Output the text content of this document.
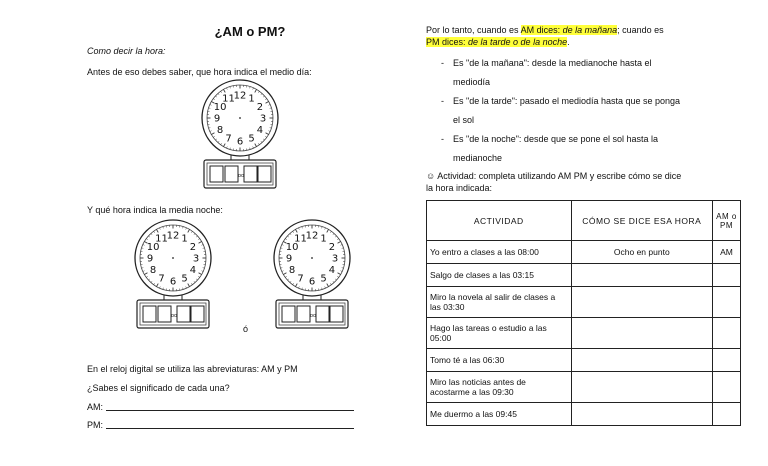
¿AM o PM?
Como decir la hora:
Antes de eso debes saber, que hora indica el medio día:
12 1
2
3
4
5
6
7
8
9
10
11
oo
Y qué hora indica la media noche:
12 1
2
3
4
5
6
7
8
9
10
11
oo
12 1
2
3
4
5
6
7
8
9
10
11
oo
ó
En el reloj digital se utiliza las abreviaturas: AM y PM
¿Sabes el significado de cada una?
AM:
PM:
Por lo tanto, cuando es AM dices: de la mañana; cuando es
PM dices: de la tarde o de la noche.
- Es "de la mañana": desde la medianoche hasta el
mediodía
- Es "de la tarde": pasado el mediodía hasta que se ponga
el sol
- Es "de la noche": desde que se pone el sol hasta la
medianoche
☺ Actividad: completa utilizando AM PM y escribe cómo se dice
la hora indicada:
ACTIVIDAD	CÓMO SE DICE ESA HORA	AM o PM
Yo entro a clases a las 08:00	Ocho en punto	AM
Salgo de clases a las 03:15		
Miro la novela al salir de clases a las 03:30		
Hago las tareas o estudio a las 05:00		
Tomo té a las 06:30		
Miro las noticias antes de acostarme a las 09:30		
Me duermo a las 09:45		
